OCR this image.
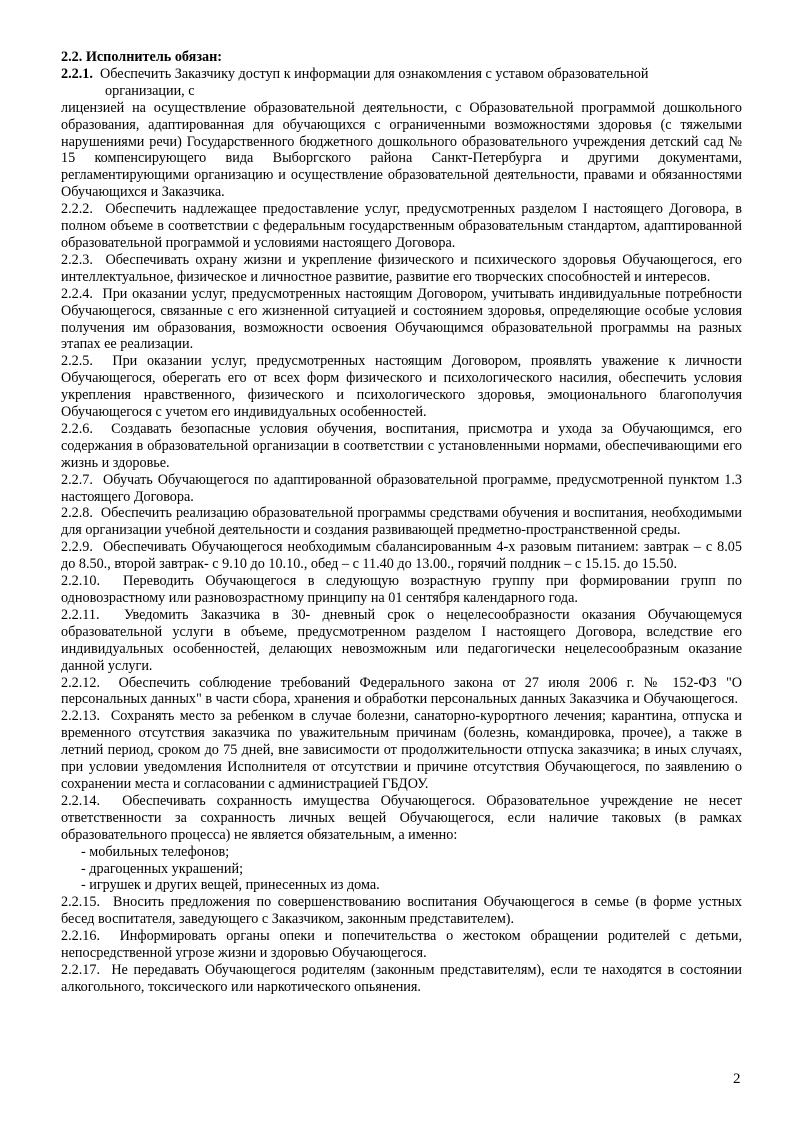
2.2. Исполнитель обязан:

2.2.1. Обеспечить Заказчику доступ к информации для ознакомления с уставом образовательной

организации, с

лицензией на осуществление образовательной деятельности, с Образовательной программой дошкольного образования, адаптированная для обучающихся с ограниченными возможностями здоровья (с тяжелыми нарушениями речи) Государственного бюджетного дошкольного образовательного учреждения детский сад № 15 компенсирующего вида Выборгского района Санкт-Петербурга и другими документами, регламентирующими организацию и осуществление образовательной деятельности, правами и обязанностями Обучающихся и Заказчика.

2.2.2. Обеспечить надлежащее предоставление услуг, предусмотренных разделом I настоящего Договора, в полном объеме в соответствии с федеральным государственным образовательным стандартом, адаптированной образовательной программой и условиями настоящего Договора.

2.2.3. Обеспечивать охрану жизни и укрепление физического и психического здоровья Обучающегося, его интеллектуальное, физическое и личностное развитие, развитие его творческих способностей и интересов.

2.2.4. При оказании услуг, предусмотренных настоящим Договором, учитывать индивидуальные потребности Обучающегося, связанные с его жизненной ситуацией и состоянием здоровья, определяющие особые условия получения им образования, возможности освоения Обучающимся образовательной программы на разных этапах ее реализации.

2.2.5. При оказании услуг, предусмотренных настоящим Договором, проявлять уважение к личности Обучающегося, оберегать его от всех форм физического и психологического насилия, обеспечить условия укрепления нравственного, физического и психологического здоровья, эмоционального благополучия Обучающегося с учетом его индивидуальных особенностей.

2.2.6. Создавать безопасные условия обучения, воспитания, присмотра и ухода за Обучающимся, его содержания в образовательной организации в соответствии с установленными нормами, обеспечивающими его жизнь и здоровье.

2.2.7. Обучать Обучающегося по адаптированной образовательной программе, предусмотренной пунктом 1.3 настоящего Договора.

2.2.8. Обеспечить реализацию образовательной программы средствами обучения и воспитания, необходимыми для организации учебной деятельности и создания развивающей предметно-пространственной среды.

2.2.9. Обеспечивать Обучающегося необходимым сбалансированным 4-х разовым питанием: завтрак – с 8.05 до 8.50., второй завтрак- с 9.10 до 10.10., обед – с 11.40 до 13.00., горячий полдник – с 15.15. до 15.50.

2.2.10. Переводить Обучающегося в следующую возрастную группу при формировании групп по одновозрастному или разновозрастному принципу на 01 сентября календарного года.

2.2.11. Уведомить Заказчика в 30- дневный срок о нецелесообразности оказания Обучающемуся образовательной услуги в объеме, предусмотренном разделом I настоящего Договора, вследствие его индивидуальных особенностей, делающих невозможным или педагогически нецелесообразным оказание данной услуги.

2.2.12. Обеспечить соблюдение требований Федерального закона от 27 июля 2006 г. № 152-ФЗ "О персональных данных" в части сбора, хранения и обработки персональных данных Заказчика и Обучающегося.

2.2.13. Сохранять место за ребенком в случае болезни, санаторно-курортного лечения; карантина, отпуска и временного отсутствия заказчика по уважительным причинам (болезнь, командировка, прочее), а также в летний период, сроком до 75 дней, вне зависимости от продолжительности отпуска заказчика; в иных случаях, при условии уведомления Исполнителя от отсутствии и причине отсутствия Обучающегося, по заявлению о сохранении места и согласовании с администрацией ГБДОУ.

2.2.14. Обеспечивать сохранность имущества Обучающегося. Образовательное учреждение не несет ответственности за сохранность личных вещей Обучающегося, если наличие таковых (в рамках образовательного процесса) не является обязательным, а именно:

- мобильных телефонов;

- драгоценных украшений;

- игрушек и других вещей, принесенных из дома.

2.2.15. Вносить предложения по совершенствованию воспитания Обучающегося в семье (в форме устных бесед воспитателя, заведующего с Заказчиком, законным представителем).

2.2.16. Информировать органы опеки и попечительства о жестоком обращении родителей с детьми, непосредственной угрозе жизни и здоровью Обучающегося.

2.2.17. Не передавать Обучающегося родителям (законным представителям), если те находятся в состоянии алкогольного, токсического или наркотического опьянения.

2
